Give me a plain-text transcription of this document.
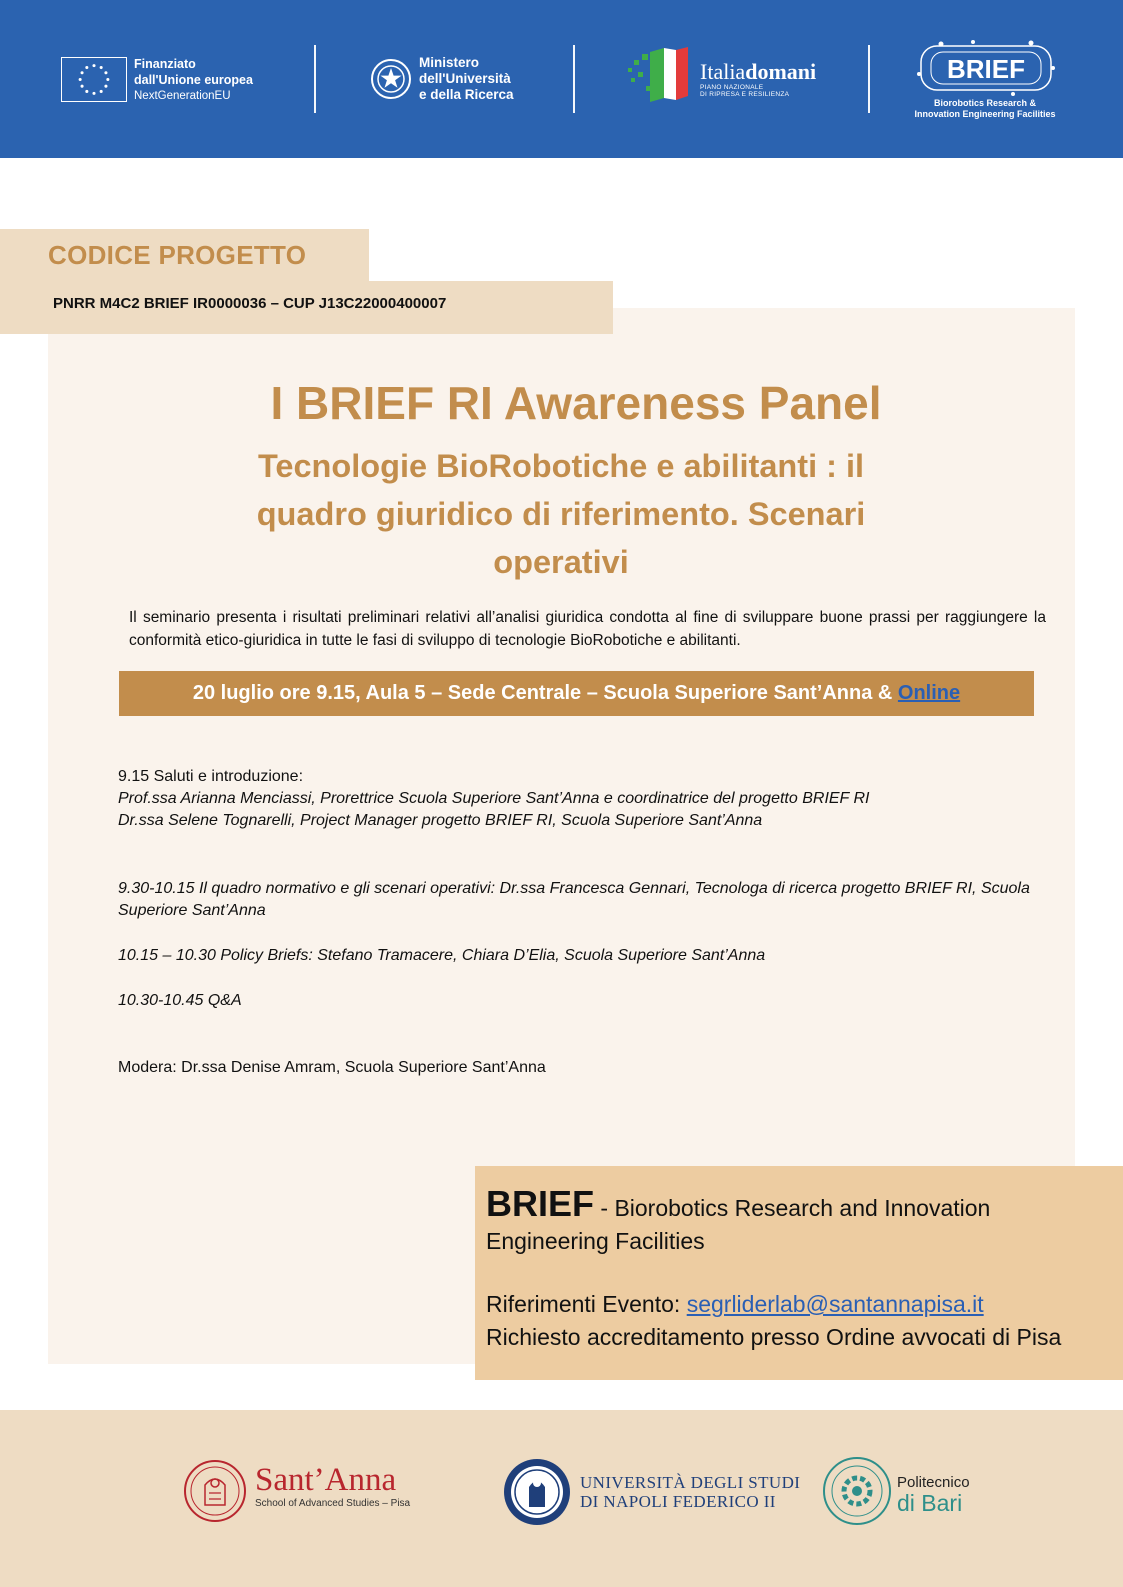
Finanziato
dall'Unione europea
NextGenerationEU
Ministero
dell'Università
e della Ricerca
Italiadomani
PIANO NAZIONALE
DI RIPRESA E RESILIENZA
BRIEF
Biorobotics Research &
Innovation Engineering Facilities
CODICE PROGETTO
PNRR M4C2 BRIEF IR0000036 – CUP J13C22000400007
I BRIEF RI Awareness Panel
Tecnologie BioRobotiche e abilitanti : il quadro giuridico di riferimento. Scenari operativi
Il seminario presenta i risultati preliminari relativi all’analisi giuridica condotta al fine di sviluppare buone prassi per raggiungere la conformità etico-giuridica in tutte le fasi di sviluppo di tecnologie BioRobotiche e abilitanti.
20 luglio ore 9.15, Aula 5 – Sede Centrale – Scuola Superiore Sant’Anna & Online
9.15 Saluti e introduzione:
Prof.ssa Arianna Menciassi, Prorettrice Scuola Superiore Sant’Anna e coordinatrice del progetto BRIEF RI
Dr.ssa Selene Tognarelli, Project Manager progetto BRIEF RI, Scuola Superiore Sant’Anna
9.30-10.15 Il quadro normativo e gli scenari operativi: Dr.ssa Francesca Gennari, Tecnologa di ricerca progetto BRIEF RI, Scuola Superiore Sant’Anna
10.15 – 10.30 Policy Briefs: Stefano Tramacere, Chiara D’Elia, Scuola Superiore Sant’Anna
10.30-10.45 Q&A
Modera: Dr.ssa Denise Amram, Scuola Superiore Sant’Anna
BRIEF - Biorobotics Research and Innovation Engineering Facilities
Riferimenti Evento: segrliderlab@santannapisa.it
Richiesto accreditamento presso Ordine avvocati di Pisa
Sant’Anna
School of Advanced Studies – Pisa
UNIVERSITÀ DEGLI STUDI
DI NAPOLI FEDERICO II
Politecnico
di Bari
